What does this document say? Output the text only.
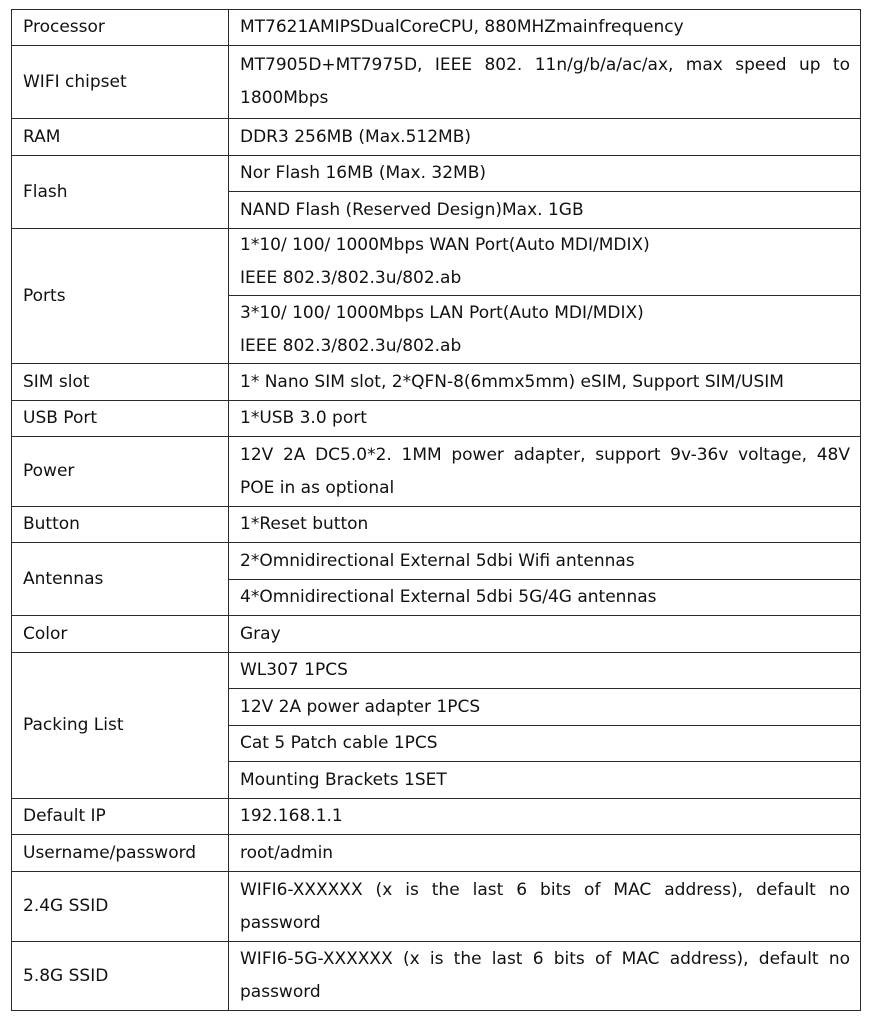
Processor	MT7621AMIPSDualCoreCPU, 880MHZmainfrequency
WIFI chipset	MT7905D+MT7975D, IEEE 802. 11n/g/b/a/ac/ax, max speed up to 1800Mbps
RAM	DDR3 256MB (Max.512MB)
Flash	Nor Flash 16MB (Max. 32MB)
	NAND Flash (Reserved Design)Max. 1GB
Ports	1*10/ 100/ 1000Mbps WAN Port(Auto MDI/MDIX)
IEEE 802.3/802.3u/802.ab

	3*10/ 100/ 1000Mbps LAN Port(Auto MDI/MDIX)
IEEE 802.3/802.3u/802.ab

SIM slot	1* Nano SIM slot, 2*QFN-8(6mmx5mm) eSIM, Support SIM/USIM
USB Port	1*USB 3.0 port
Power	12V 2A DC5.0*2. 1MM power adapter, support 9v-36v voltage, 48V POE in as optional
Button	1*Reset button
Antennas	2*Omnidirectional External 5dbi Wifi antennas
	4*Omnidirectional External 5dbi 5G/4G antennas
Color	Gray
Packing List	WL307 1PCS
	12V 2A power adapter 1PCS
	Cat 5 Patch cable 1PCS
	Mounting Brackets 1SET
Default IP	192.168.1.1
Username/password	root/admin
2.4G SSID	WIFI6-XXXXXX (x is the last 6 bits of MAC address), default no password
5.8G SSID	WIFI6-5G-XXXXXX (x is the last 6 bits of MAC address), default no password
